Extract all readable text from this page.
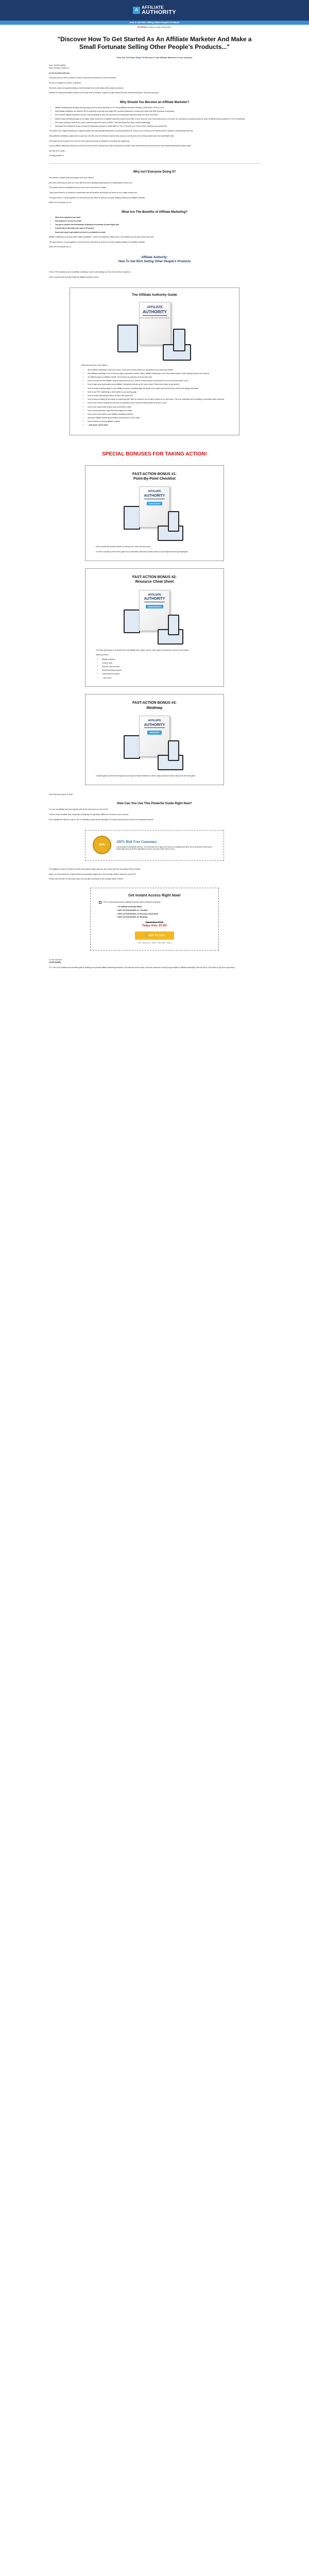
A
AFFILIATE
AUTHORITY
How to Get Rich Selling Other People's Products
ATTENTION: Looking to create a living online?
"Discover How To Get Started As An Affiliate Marketer And Make a Small Fortunate Selling Other People's Products..."
Find Out The Exact Steps To Become a Top Affiliate Marketer In Any Industry!

From: [YOUR NAME]

Date: Monday, October 12

Let me be blunt with you...

They say that you need a product in order to become successful as an online marketer.

It's true to a degree but untrue in general!

This time, people are quietly making a small fortunate from home selling other people's products.

Whether it's selling information product or products sold on Amazon, anyone can get started with very minimal experience, time and resources.

Why Should You Become an Affiliate Marketer?
• Affiliate marketing has certainly been growing over the years with about 5.7% of blog affiliate marketers starting in 2008 before 15.0% in 2012.
• Most affiliate marketers are between 35-42 according to surveys and target B2C products (business to consumers) rather than B2B (business to business).
• 81% of these affiliate marketers choose e-mail marketing as their primary method of contacting customers while 64% work from home.
• What's really interesting though is the salary. While nearly 40% of affiliate marketers earned below $5K in 2013 and use it as a secondary source of income, the top earners surveyed earned as much as $500K this accounted for 0.3% of marketers.
• 53% were earning at least $14K a year, whereas about 26% were on $50K+. Not bad! (Data from Viper Leaders Marketing)
• Most data from Webpresh shows us that US businesses planned to initiate $5B+ in 2013. This was up 17% from 2010, showing more growth still.

The bottom line? Digital marketing is a highly lucrative area that appeals particularly to young entrepreneurs. There's a lot of money to be earned and the industry is only growing with time.

Using affiliate marketing in particular is to get very rich with very low entrance requirements, and you can become rich by being creative and new marketable skills.

This might sound too good to be true but in fact there are plenty of examples of precisely this happening.

Look at affiliate marketing online and you'll find a whole culture of people who have private jets and yachts, who travel around the world and who have started celebrity like status online.

And this isn't a rarity.

The big question is...

Why Isn't Everyone Doing It?

The answer is simple that most people don't know about it.

And even when they do hear of it, they often find it too daunting sounding and too unbelievable to even try it.

The process seems complicated and you don't even know where to begin!

That's good news for us because it means there are still products and buyers out there for us to make money from.

The good news is, I've put together a course that you can follow so that you can start making a killing as an affiliate marketer.

Allow me to introduce you to...

What Are The Benefits of Affiliate Marketing?
• Work from anywhere you want.
• Not product or service to create.
• You get to choose from thousands of products to promote at your finger tips.
• A great way to diversify your source of income.
• Quick and easy to get started so there's no website to create.

Affiliate marketing is a process that is highly repeatable – there's a blueprint by using it and I can reliably earn you big money every time.

The good news is, I've put together a course that you can follow so that you can start making a killing as an affiliate marketer.

Allow me to introduce you to...

Affiliate Authority:
How To Get Rich Selling Other People's Products

This is THE essential course on affiliate marketing. If you're just starting out, this is the perfect companion.

Here's exactly what you'll get inside the Affiliate Authority course:

The Affiliate Authority Guide
AFFILIATE
AUTHORITY
How To Get Rich Selling Other People's Products

What you'll discover in the eBook:

• What affiliate marketing is and how it works. Know how it works before you get started so you avoid any pitfalls.
• Why affiliate marketing is one of the best ways to generate revenue online. Affiliate marketing is one of the easiest ways to start making money on the internet.
• The different types of affiliate network. Know these top networks and how they work.
• How to choose the best affiliate network and product for you. With so many networks and products, how do you know where to do?
• How to sign up and get started as an affiliate. Taking that first step is the most crucial. Follow these steps to get started.
• How to create a landing page for your affiliate products. A landing page will attract more buyers and convert those visitors into paying customers.
• How to use PPC advertising to drive traffic to your landing page.
• How to create ads that get clicked and that offer great ROI.
• How to build a mailing list and setup an autoresponder. With an email list, you're able to follow up on your leads. This is an important part of building a successful online business.
• How to use content marketing to become an authority in your niche and attract traffic for years to come.
• How to use social media to grow your prominence online.
• How to write persuasive copy that encourages more sales.
• How to grow and scale up your affiliate marketing business.
• Advanced affiliate marketing techniques and lessons for more sales.
• Secret tactics for winning affiliate contests
• ...and much, much more!
SPECIAL BONUSES FOR TAKING ACTION!
FAST-ACTION BONUS #1:
Point-By-Point Checklist
AFFILIATE
AUTHORITY
CHECKLIST

Done is profit this handy checklist so that you can check off each point.

It is like a summary of the entire guide but in actionable, bite-sized points so that you can implement the right strategies.

FAST-ACTION BONUS #2:
Resource Cheat Sheet
AFFILIATE
AUTHORITY
RESOURCES

You'll also get access to a curated list of top affiliate sites, blogs, forums, tools, apps and services to get you even further.

Inside you'll find:

• Affiliate networks
• Content tools
• Pay-Per-Click services
• Email marketing services
• Outsourcing resources
• ...And more!
FAST-ACTION BONUS #3:
Mindmap
AFFILIATE
AUTHORITY
MINDMAP

A simple glance over this mindmap and you'll get an instant refresher of all the major points and action steps from the main guide.

Does that sound good or what?

How Can You Use This Powerful Guide Right Now?

You can use Affiliate Authority together with all the bonuses for a mere $7.00.

That is a truly incredible deal, especially considering the significant difference it'll make to your success.

Don't hesitate this eBook is only $7.00!! It's definitely a profit worth repeating. You will be hard-pressed to find a more valuable resource.

100%
100% Risk Free Guarantee
Your purchase is absolutely risk free. I'm the product for 30 days, and if you're not satisfied just send me an email and I'll send you a refund right away. An there's absolutely no risk on your part. All the risk is on me.

I'm delighted to have the chance to share this powerful guide with you, and I know you'll be very happy with the results.

Again, you will receive the comprehensive and valuable insights you need to finally achieve results for only $7.00.

Please click the Add To Cart button right now and take ownership of this valuable eBook TODAY!

Get Instant Access Right Now!
YES! I want instant access to affiliate authority, which include the following:
✓ The Affiliate Authority eBook
✓ FAST-ACTION BONUS #1: Checklist
✓ FAST-ACTION BONUS #2: Resource Cheat Sheet
✓ FAST-ACTION BONUS #3: Mindmap
Regular Price: $27.00
Today Only: $7.00!
🛒 Add To Cart
VISA · MasterCard · AMEX · DISCOVER · PayPal

To Your Success,

[YOUR NAME]

P.S. This is the ultimate and essential guide to building a successful affiliate marketing business! You'll discover all the steps, tools and resources to help you get started in affiliate marketing! Click the Add to Cart button to get your copy today!
